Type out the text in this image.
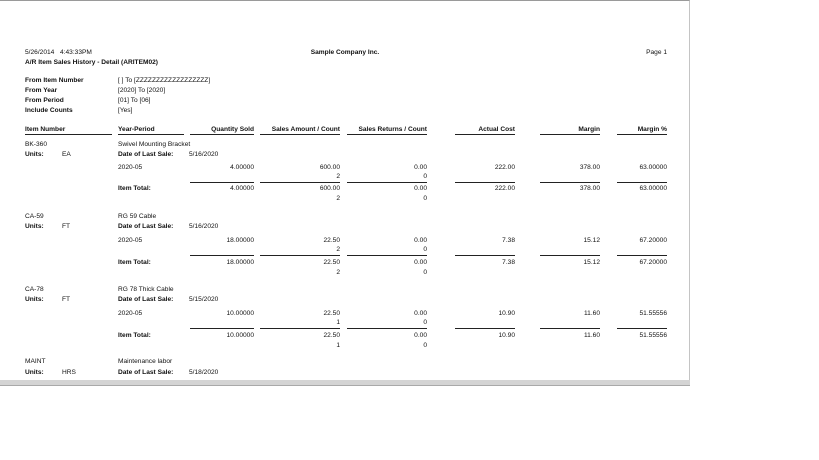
5/26/2014 4:43:33PM	Sample Company Inc.	Page 1
A/R Item Sales History - Detail (ARITEM02)
From Item Number	[ ] To [ZZZZZZZZZZZZZZZZZZ]
From Year	[2020] To [2020]
From Period	[01] To [06]
Include Counts	[Yes]
Item Number	Year-Period	Quantity Sold	Sales Amount / Count	Sales Returns / Count	Actual Cost	Margin	Margin %
BK-360	Swivel Mounting Bracket
Units:	EA	Date of Last Sale: 5/16/2020
2020-05	4.00000	600.00	0.00	222.00	378.00	63.00000
2	0
Item Total:	4.00000	600.00	0.00	222.00	378.00	63.00000
2	0
CA-59	RG 59 Cable
Units:	FT	Date of Last Sale: 5/16/2020
2020-05	18.00000	22.50	0.00	7.38	15.12	67.20000
2	0
Item Total:	18.00000	22.50	0.00	7.38	15.12	67.20000
2	0
CA-78	RG 78 Thick Cable
Units:	FT	Date of Last Sale: 5/15/2020
2020-05	10.00000	22.50	0.00	10.90	11.60	51.55556
1	0
Item Total:	10.00000	22.50	0.00	10.90	11.60	51.55556
1	0
MAINT	Maintenance labor
Units:	HRS	Date of Last Sale: 5/18/2020
